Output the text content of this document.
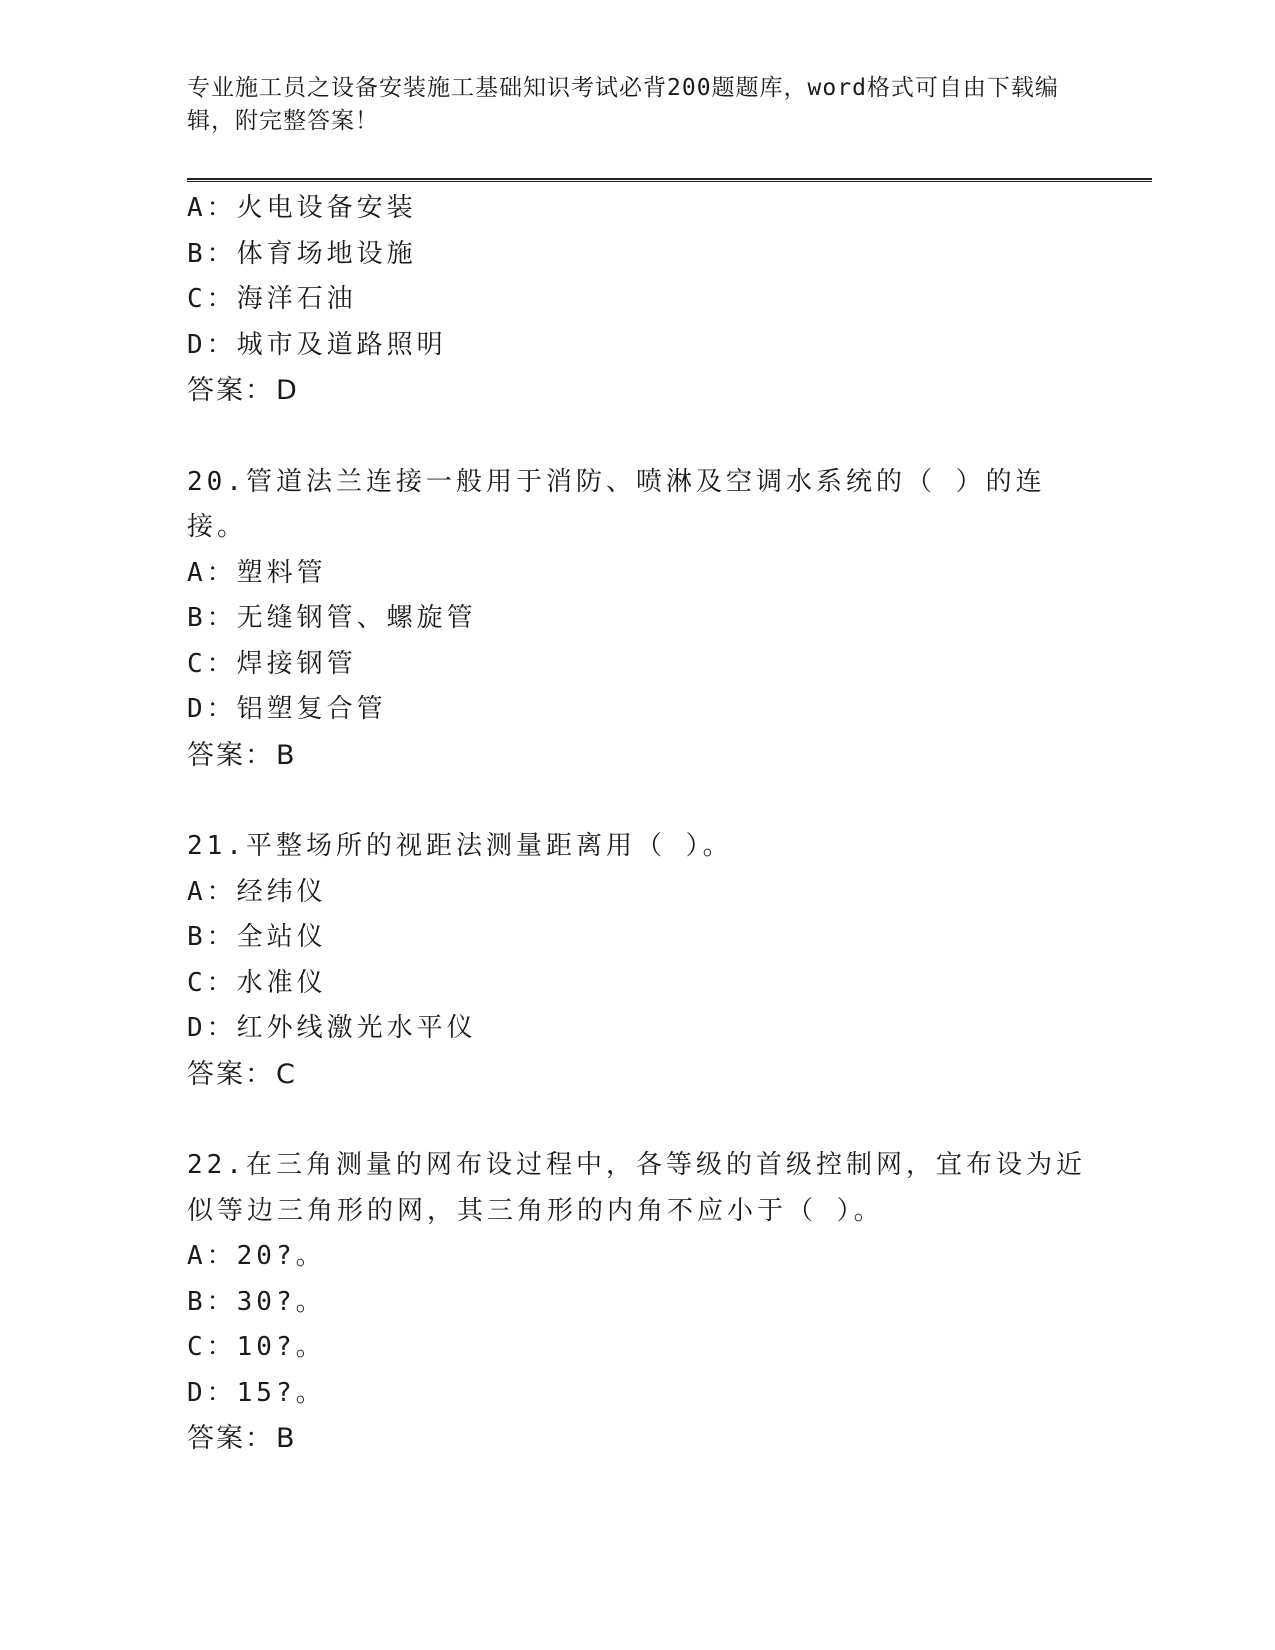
专业施工员之设备安装施工基础知识考试必背200题题库，word格式可自由下载编辑，附完整答案！
A：火电设备安装
B：体育场地设施
C：海洋石油
D：城市及道路照明
答案：D
20.管道法兰连接一般用于消防、喷淋及空调水系统的（ ）的连接。
A：塑料管
B：无缝钢管、螺旋管
C：焊接钢管
D：铝塑复合管
答案：B
21.平整场所的视距法测量距离用（ ）。
A：经纬仪
B：全站仪
C：水准仪
D：红外线激光水平仪
答案：C
22.在三角测量的网布设过程中，各等级的首级控制网，宜布设为近似等边三角形的网，其三角形的内角不应小于（ ）。
A：20?。
B：30?。
C：10?。
D：15?。
答案：B
